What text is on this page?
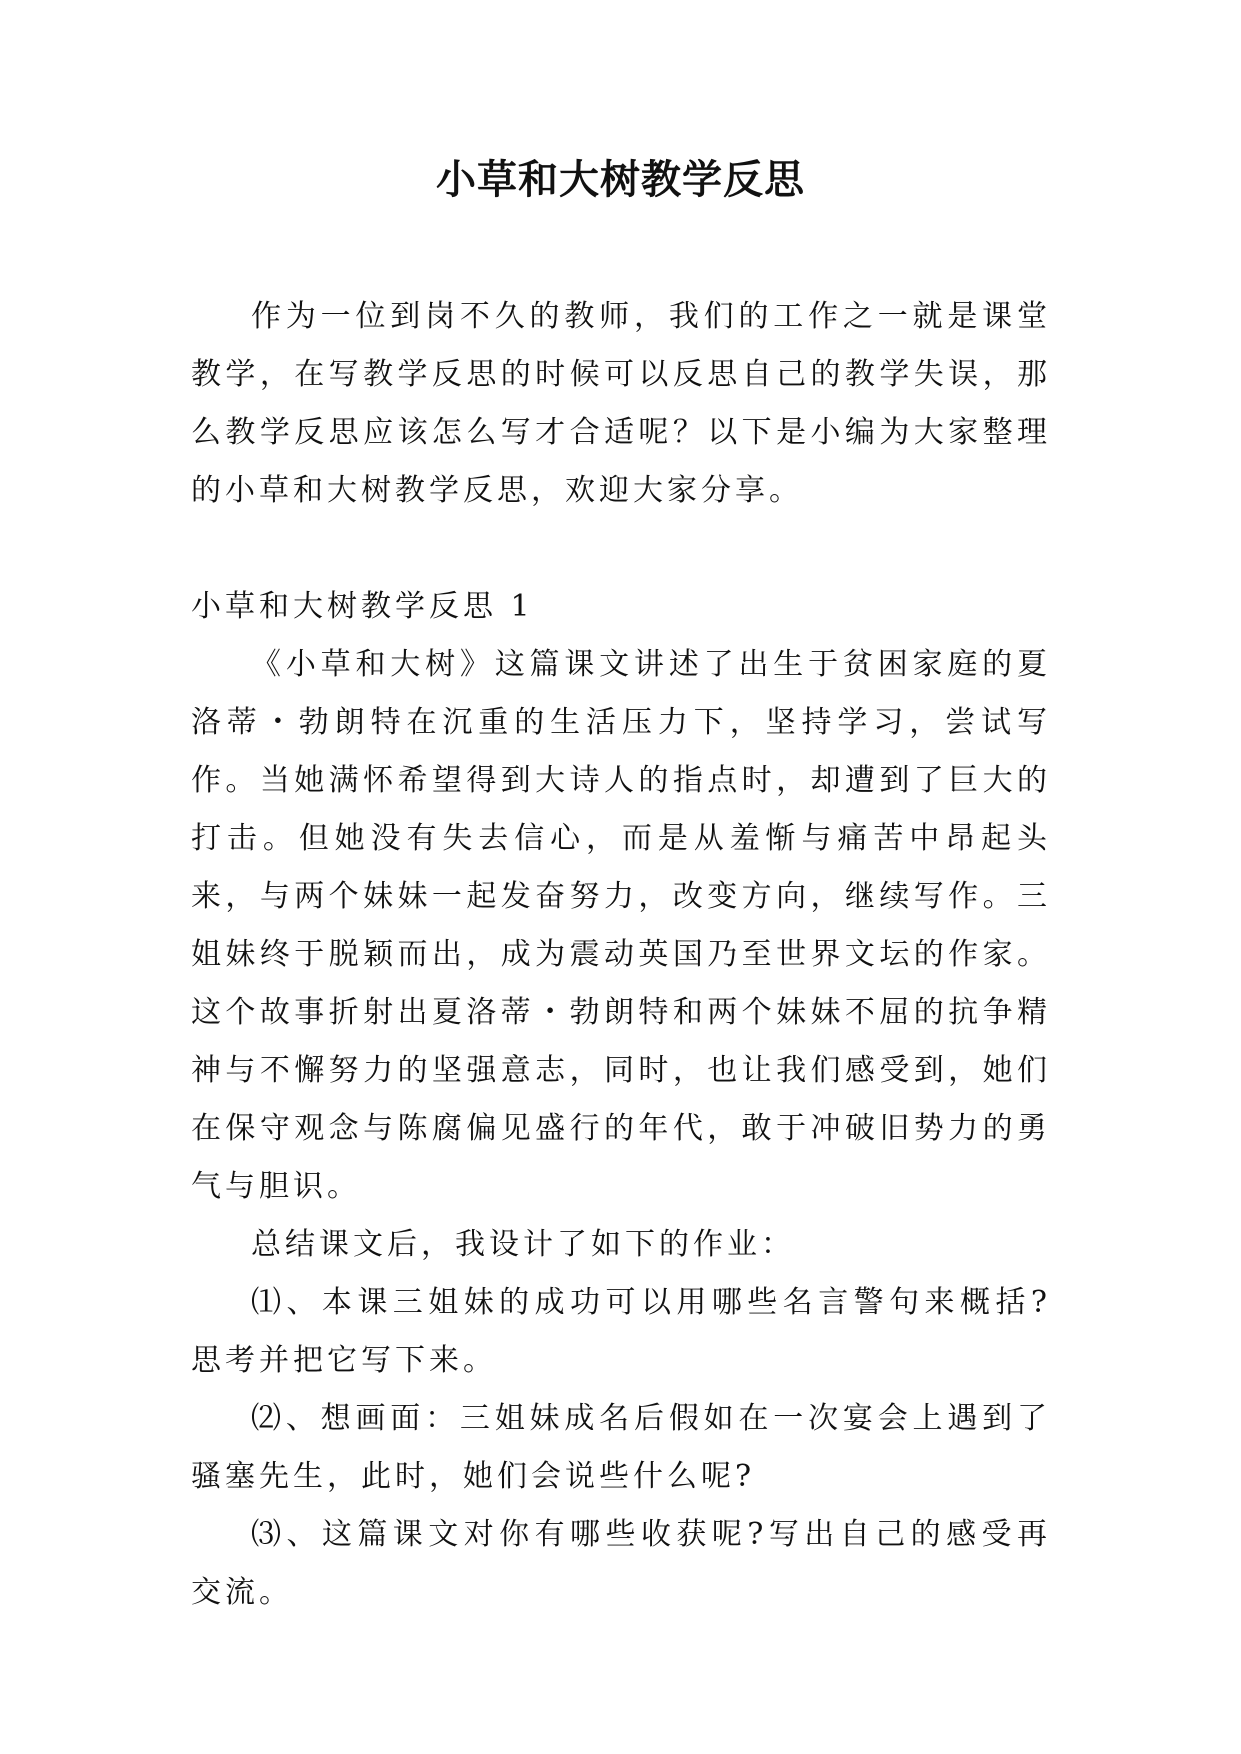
小草和大树教学反思

作为一位到岗不久的教师，我们的工作之一就是课堂教学，在写教学反思的时候可以反思自己的教学失误，那么教学反思应该怎么写才合适呢？以下是小编为大家整理的小草和大树教学反思，欢迎大家分享。

小草和大树教学反思 1

《小草和大树》这篇课文讲述了出生于贫困家庭的夏洛蒂・勃朗特在沉重的生活压力下，坚持学习，尝试写作。当她满怀希望得到大诗人的指点时，却遭到了巨大的打击。但她没有失去信心，而是从羞惭与痛苦中昂起头来，与两个妹妹一起发奋努力，改变方向，继续写作。三姐妹终于脱颖而出，成为震动英国乃至世界文坛的作家。这个故事折射出夏洛蒂・勃朗特和两个妹妹不屈的抗争精神与不懈努力的坚强意志，同时，也让我们感受到，她们在保守观念与陈腐偏见盛行的年代，敢于冲破旧势力的勇气与胆识。

总结课文后，我设计了如下的作业：

⑴、本课三姐妹的成功可以用哪些名言警句来概括?思考并把它写下来。

⑵、想画面：三姐妹成名后假如在一次宴会上遇到了骚塞先生，此时，她们会说些什么呢?

⑶、这篇课文对你有哪些收获呢?写出自己的感受再交流。
